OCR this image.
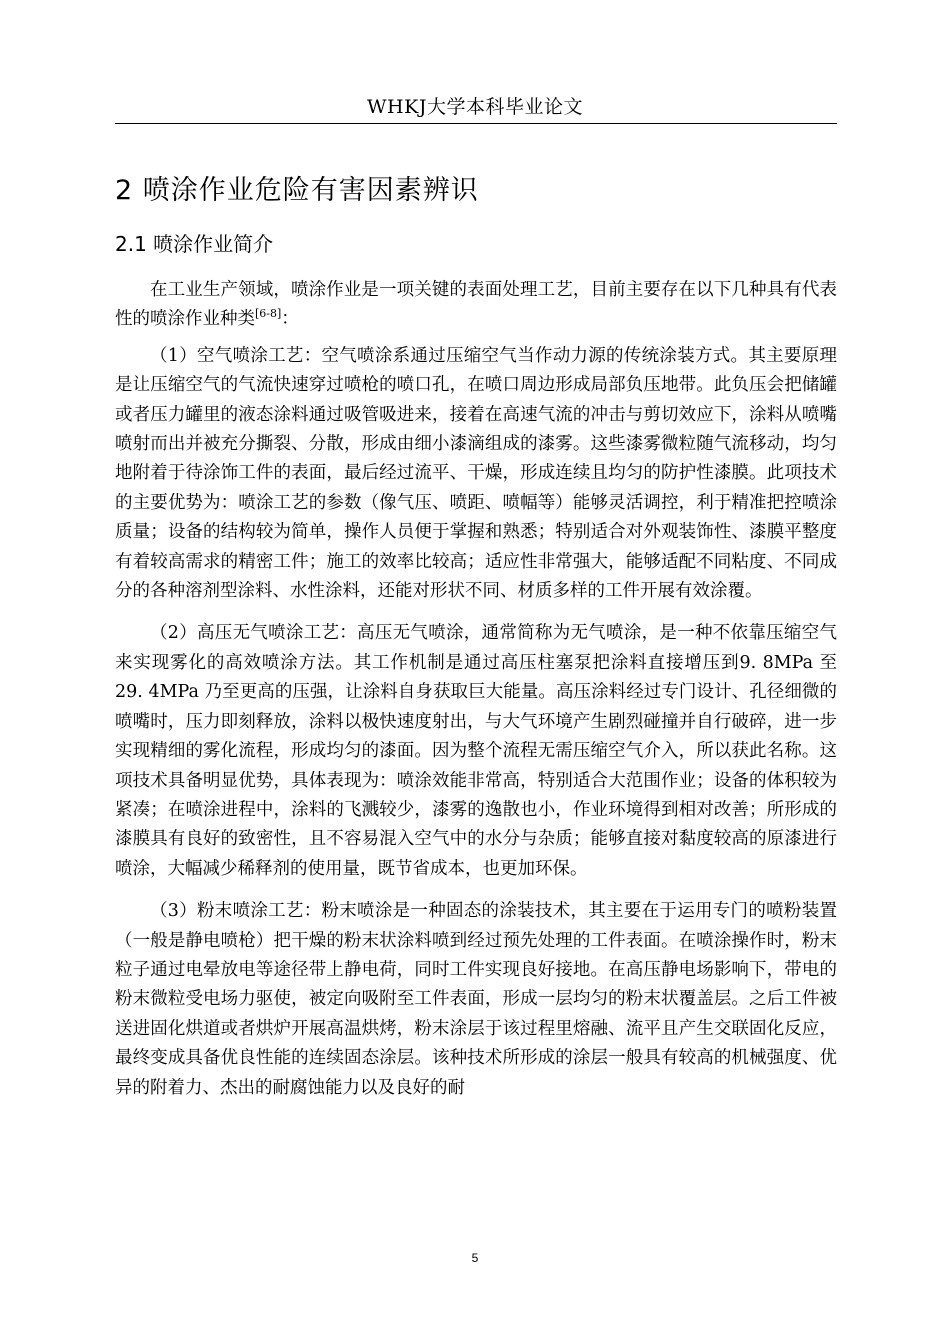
WHKJ大学本科毕业论文
2 喷涂作业危险有害因素辨识
2.1 喷涂作业简介

在工业生产领域，喷涂作业是一项关键的表面处理工艺，目前主要存在以下几种具有代表性的喷涂作业种类[6-8]：

（1）空气喷涂工艺：空气喷涂系通过压缩空气当作动力源的传统涂装方式。其主要原理是让压缩空气的气流快速穿过喷枪的喷口孔，在喷口周边形成局部负压地带。此负压会把储罐或者压力罐里的液态涂料通过吸管吸进来，接着在高速气流的冲击与剪切效应下，涂料从喷嘴喷射而出并被充分撕裂、分散，形成由细小漆滴组成的漆雾。这些漆雾微粒随气流移动，均匀地附着于待涂饰工件的表面，最后经过流平、干燥，形成连续且均匀的防护性漆膜。此项技术的主要优势为：喷涂工艺的参数（像气压、喷距、喷幅等）能够灵活调控，利于精准把控喷涂质量；设备的结构较为简单，操作人员便于掌握和熟悉；特别适合对外观装饰性、漆膜平整度有着较高需求的精密工件；施工的效率比较高；适应性非常强大，能够适配不同粘度、不同成分的各种溶剂型涂料、水性涂料，还能对形状不同、材质多样的工件开展有效涂覆。

（2）高压无气喷涂工艺：高压无气喷涂，通常简称为无气喷涂，是一种不依靠压缩空气来实现雾化的高效喷涂方法。其工作机制是通过高压柱塞泵把涂料直接增压到9. 8MPa 至 29. 4MPa 乃至更高的压强，让涂料自身获取巨大能量。高压涂料经过专门设计、孔径细微的喷嘴时，压力即刻释放，涂料以极快速度射出，与大气环境产生剧烈碰撞并自行破碎，进一步实现精细的雾化流程，形成均匀的漆面。因为整个流程无需压缩空气介入，所以获此名称。这项技术具备明显优势，具体表现为：喷涂效能非常高，特别适合大范围作业；设备的体积较为紧凑；在喷涂进程中，涂料的飞溅较少，漆雾的逸散也小，作业环境得到相对改善；所形成的漆膜具有良好的致密性，且不容易混入空气中的水分与杂质；能够直接对黏度较高的原漆进行喷涂，大幅减少稀释剂的使用量，既节省成本，也更加环保。

（3）粉末喷涂工艺：粉末喷涂是一种固态的涂装技术，其主要在于运用专门的喷粉装置（一般是静电喷枪）把干燥的粉末状涂料喷到经过预先处理的工件表面。在喷涂操作时，粉末粒子通过电晕放电等途径带上静电荷，同时工件实现良好接地。在高压静电场影响下，带电的粉末微粒受电场力驱使，被定向吸附至工件表面，形成一层均匀的粉末状覆盖层。之后工件被送进固化烘道或者烘炉开展高温烘烤，粉末涂层于该过程里熔融、流平且产生交联固化反应，最终变成具备优良性能的连续固态涂层。该种技术所形成的涂层一般具有较高的机械强度、优异的附着力、杰出的耐腐蚀能力以及良好的耐

5
